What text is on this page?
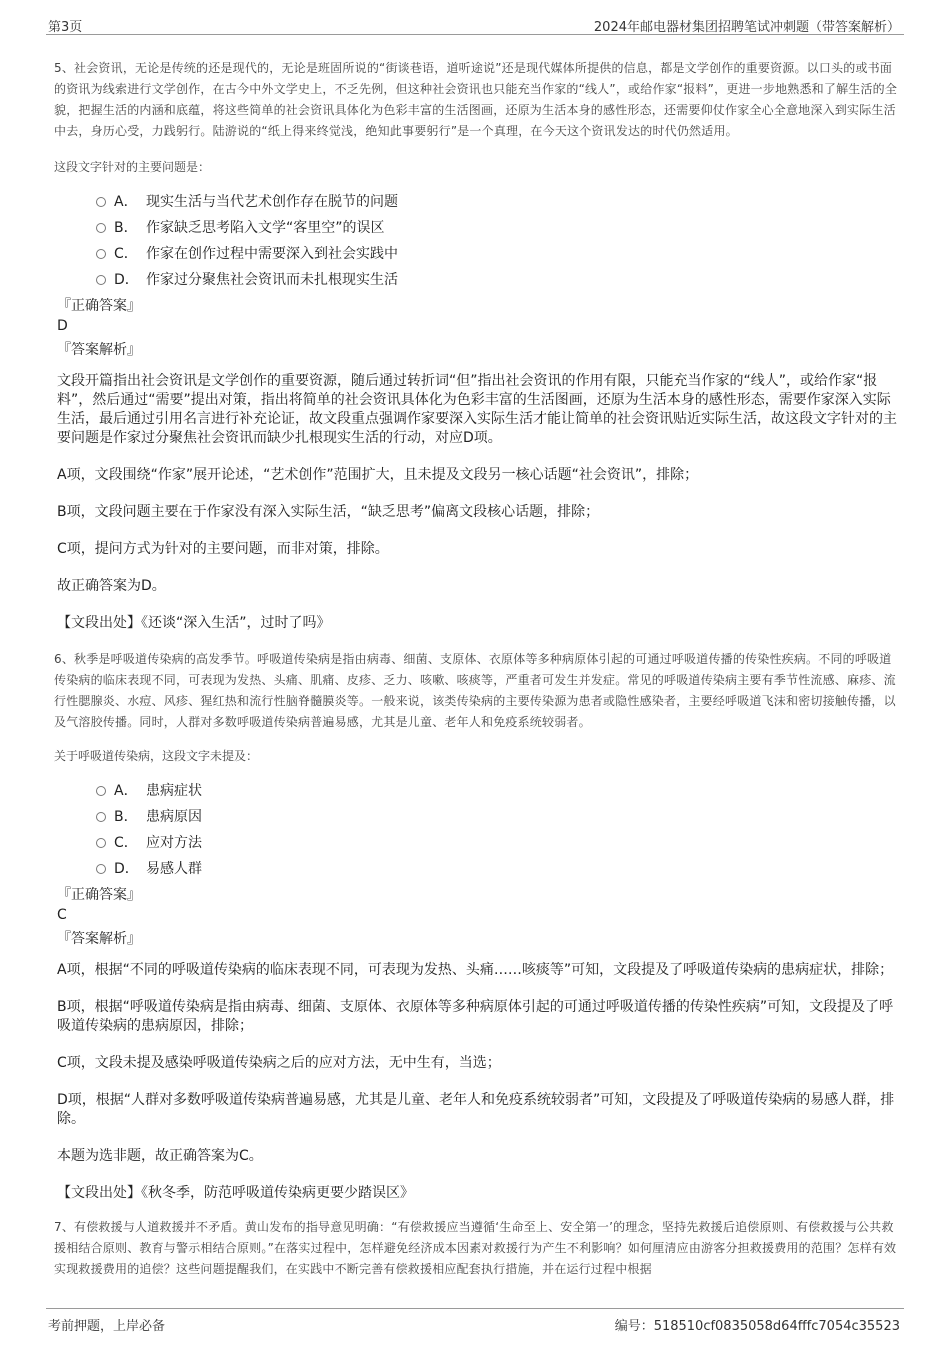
第3页	2024年邮电器材集团招聘笔试冲刺题（带答案解析）

5、社会资讯，无论是传统的还是现代的，无论是班固所说的“街谈巷语，道听途说”还是现代媒体所提供的信息，都是文学创作的重要资源。以口头的或书面的资讯为线索进行文学创作，在古今中外文学史上，不乏先例，但这种社会资讯也只能充当作家的“线人”，或给作家“报料”，更进一步地熟悉和了解生活的全貌，把握生活的内涵和底蕴，将这些简单的社会资讯具体化为色彩丰富的生活图画，还原为生活本身的感性形态，还需要仰仗作家全心全意地深入到实际生活中去，身历心受，力践躬行。陆游说的“纸上得来终觉浅，绝知此事要躬行”是一个真理，在今天这个资讯发达的时代仍然适用。

这段文字针对的主要问题是：

A． 现实生活与当代艺术创作存在脱节的问题
B． 作家缺乏思考陷入文学“客里空”的误区
C． 作家在创作过程中需要深入到社会实践中
D． 作家过分聚焦社会资讯而未扎根现实生活
『正确答案』
D
『答案解析』

文段开篇指出社会资讯是文学创作的重要资源，随后通过转折词“但”指出社会资讯的作用有限，只能充当作家的“线人”，或给作家“报料”，然后通过“需要”提出对策，指出将简单的社会资讯具体化为色彩丰富的生活图画，还原为生活本身的感性形态，需要作家深入实际生活，最后通过引用名言进行补充论证，故文段重点强调作家要深入实际生活才能让简单的社会资讯贴近实际生活，故这段文字针对的主要问题是作家过分聚焦社会资讯而缺少扎根现实生活的行动，对应D项。

A项，文段围绕“作家”展开论述，“艺术创作”范围扩大，且未提及文段另一核心话题“社会资讯”，排除；

B项，文段问题主要在于作家没有深入实际生活，“缺乏思考”偏离文段核心话题，排除；

C项，提问方式为针对的主要问题，而非对策，排除。

故正确答案为D。

【文段出处】《还谈“深入生活”，过时了吗》

6、秋季是呼吸道传染病的高发季节。呼吸道传染病是指由病毒、细菌、支原体、衣原体等多种病原体引起的可通过呼吸道传播的传染性疾病。不同的呼吸道传染病的临床表现不同，可表现为发热、头痛、肌痛、皮疹、乏力、咳嗽、咳痰等，严重者可发生并发症。常见的呼吸道传染病主要有季节性流感、麻疹、流行性腮腺炎、水痘、风疹、猩红热和流行性脑脊髓膜炎等。一般来说，该类传染病的主要传染源为患者或隐性感染者，主要经呼吸道飞沫和密切接触传播，以及气溶胶传播。同时，人群对多数呼吸道传染病普遍易感，尤其是儿童、老年人和免疫系统较弱者。

关于呼吸道传染病，这段文字未提及：

A． 患病症状
B． 患病原因
C． 应对方法
D． 易感人群
『正确答案』
C
『答案解析』

A项，根据“不同的呼吸道传染病的临床表现不同，可表现为发热、头痛……咳痰等”可知，文段提及了呼吸道传染病的患病症状，排除；

B项，根据“呼吸道传染病是指由病毒、细菌、支原体、衣原体等多种病原体引起的可通过呼吸道传播的传染性疾病”可知，文段提及了呼吸道传染病的患病原因，排除；

C项，文段未提及感染呼吸道传染病之后的应对方法，无中生有，当选；

D项，根据“人群对多数呼吸道传染病普遍易感，尤其是儿童、老年人和免疫系统较弱者”可知，文段提及了呼吸道传染病的易感人群，排除。

本题为选非题，故正确答案为C。

【文段出处】《秋冬季，防范呼吸道传染病更要少踏误区》

7、有偿救援与人道救援并不矛盾。黄山发布的指导意见明确：“有偿救援应当遵循‘生命至上、安全第一’的理念，坚持先救援后追偿原则、有偿救援与公共救援相结合原则、教育与警示相结合原则。”在落实过程中，怎样避免经济成本因素对救援行为产生不利影响？如何厘清应由游客分担救援费用的范围？怎样有效实现救援费用的追偿？这些问题提醒我们，在实践中不断完善有偿救援相应配套执行措施，并在运行过程中根据

考前押题，上岸必备	编号：518510cf0835058d64fffc7054c35523
